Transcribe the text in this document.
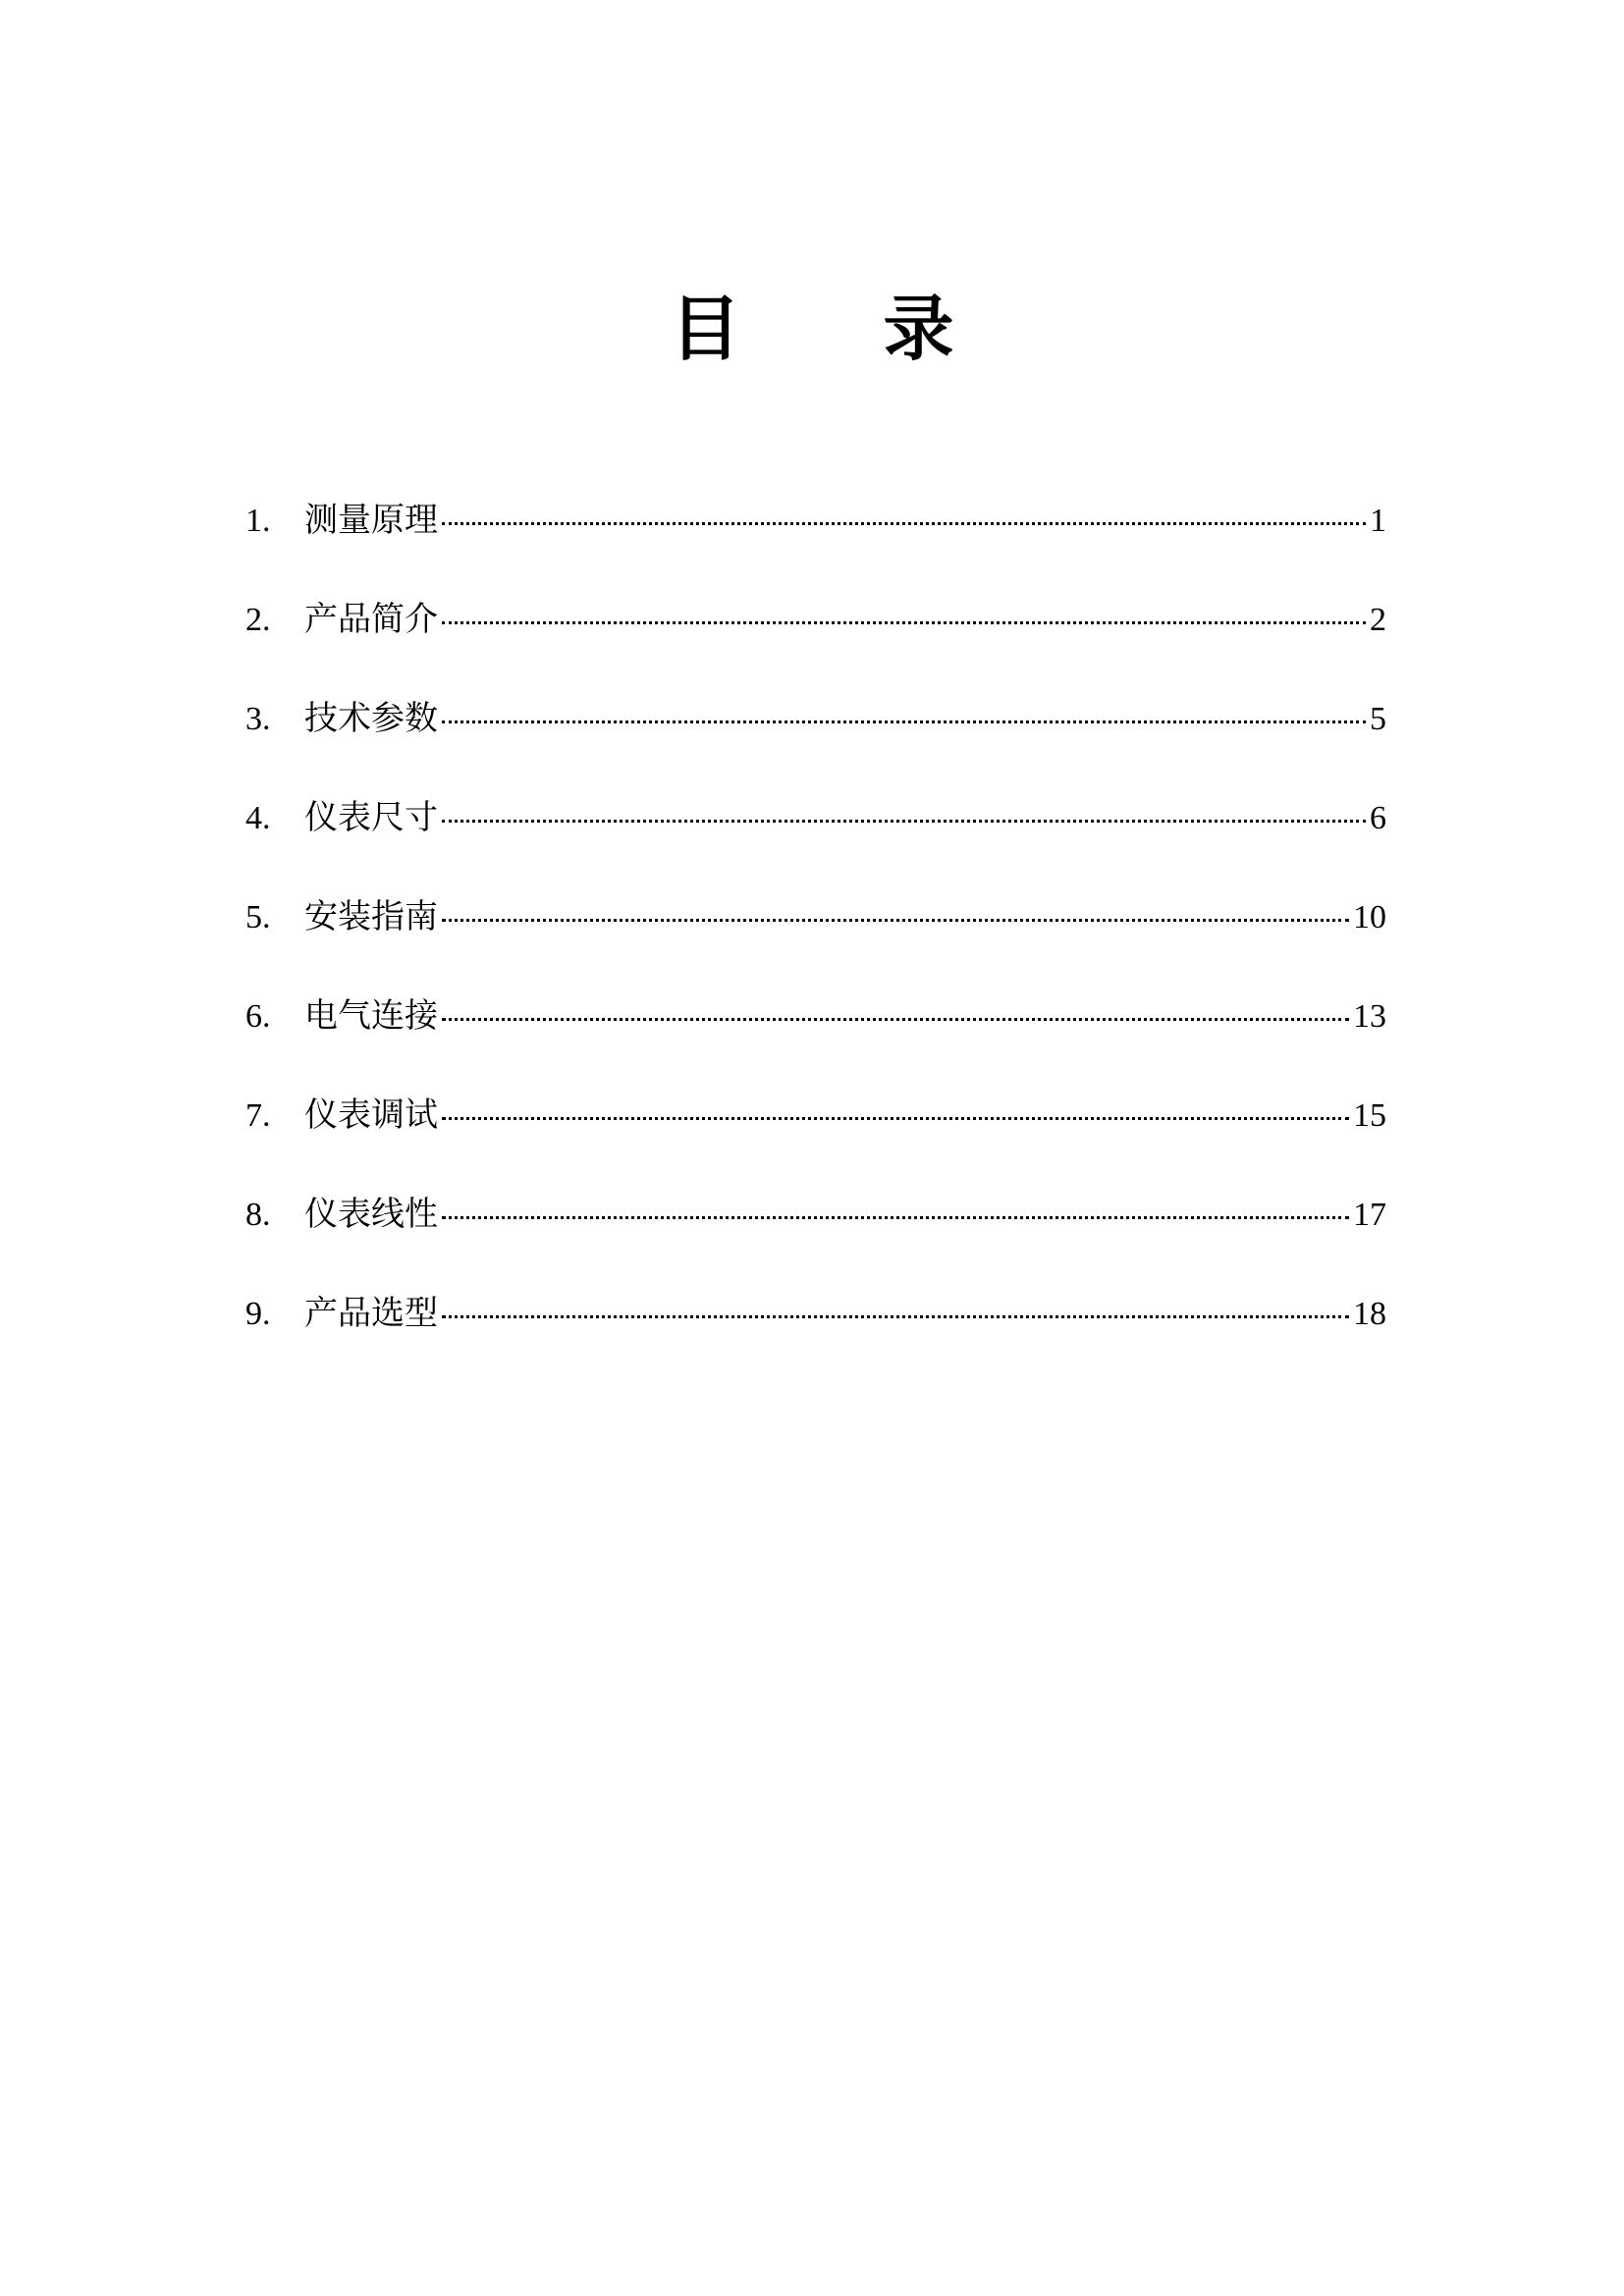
目 录
1.	测量原理	1
2.	产品简介	2
3.	技术参数	5
4.	仪表尺寸	6
5.	安装指南	10
6.	电气连接	13
7.	仪表调试	15
8.	仪表线性	17
9.	产品选型	18
